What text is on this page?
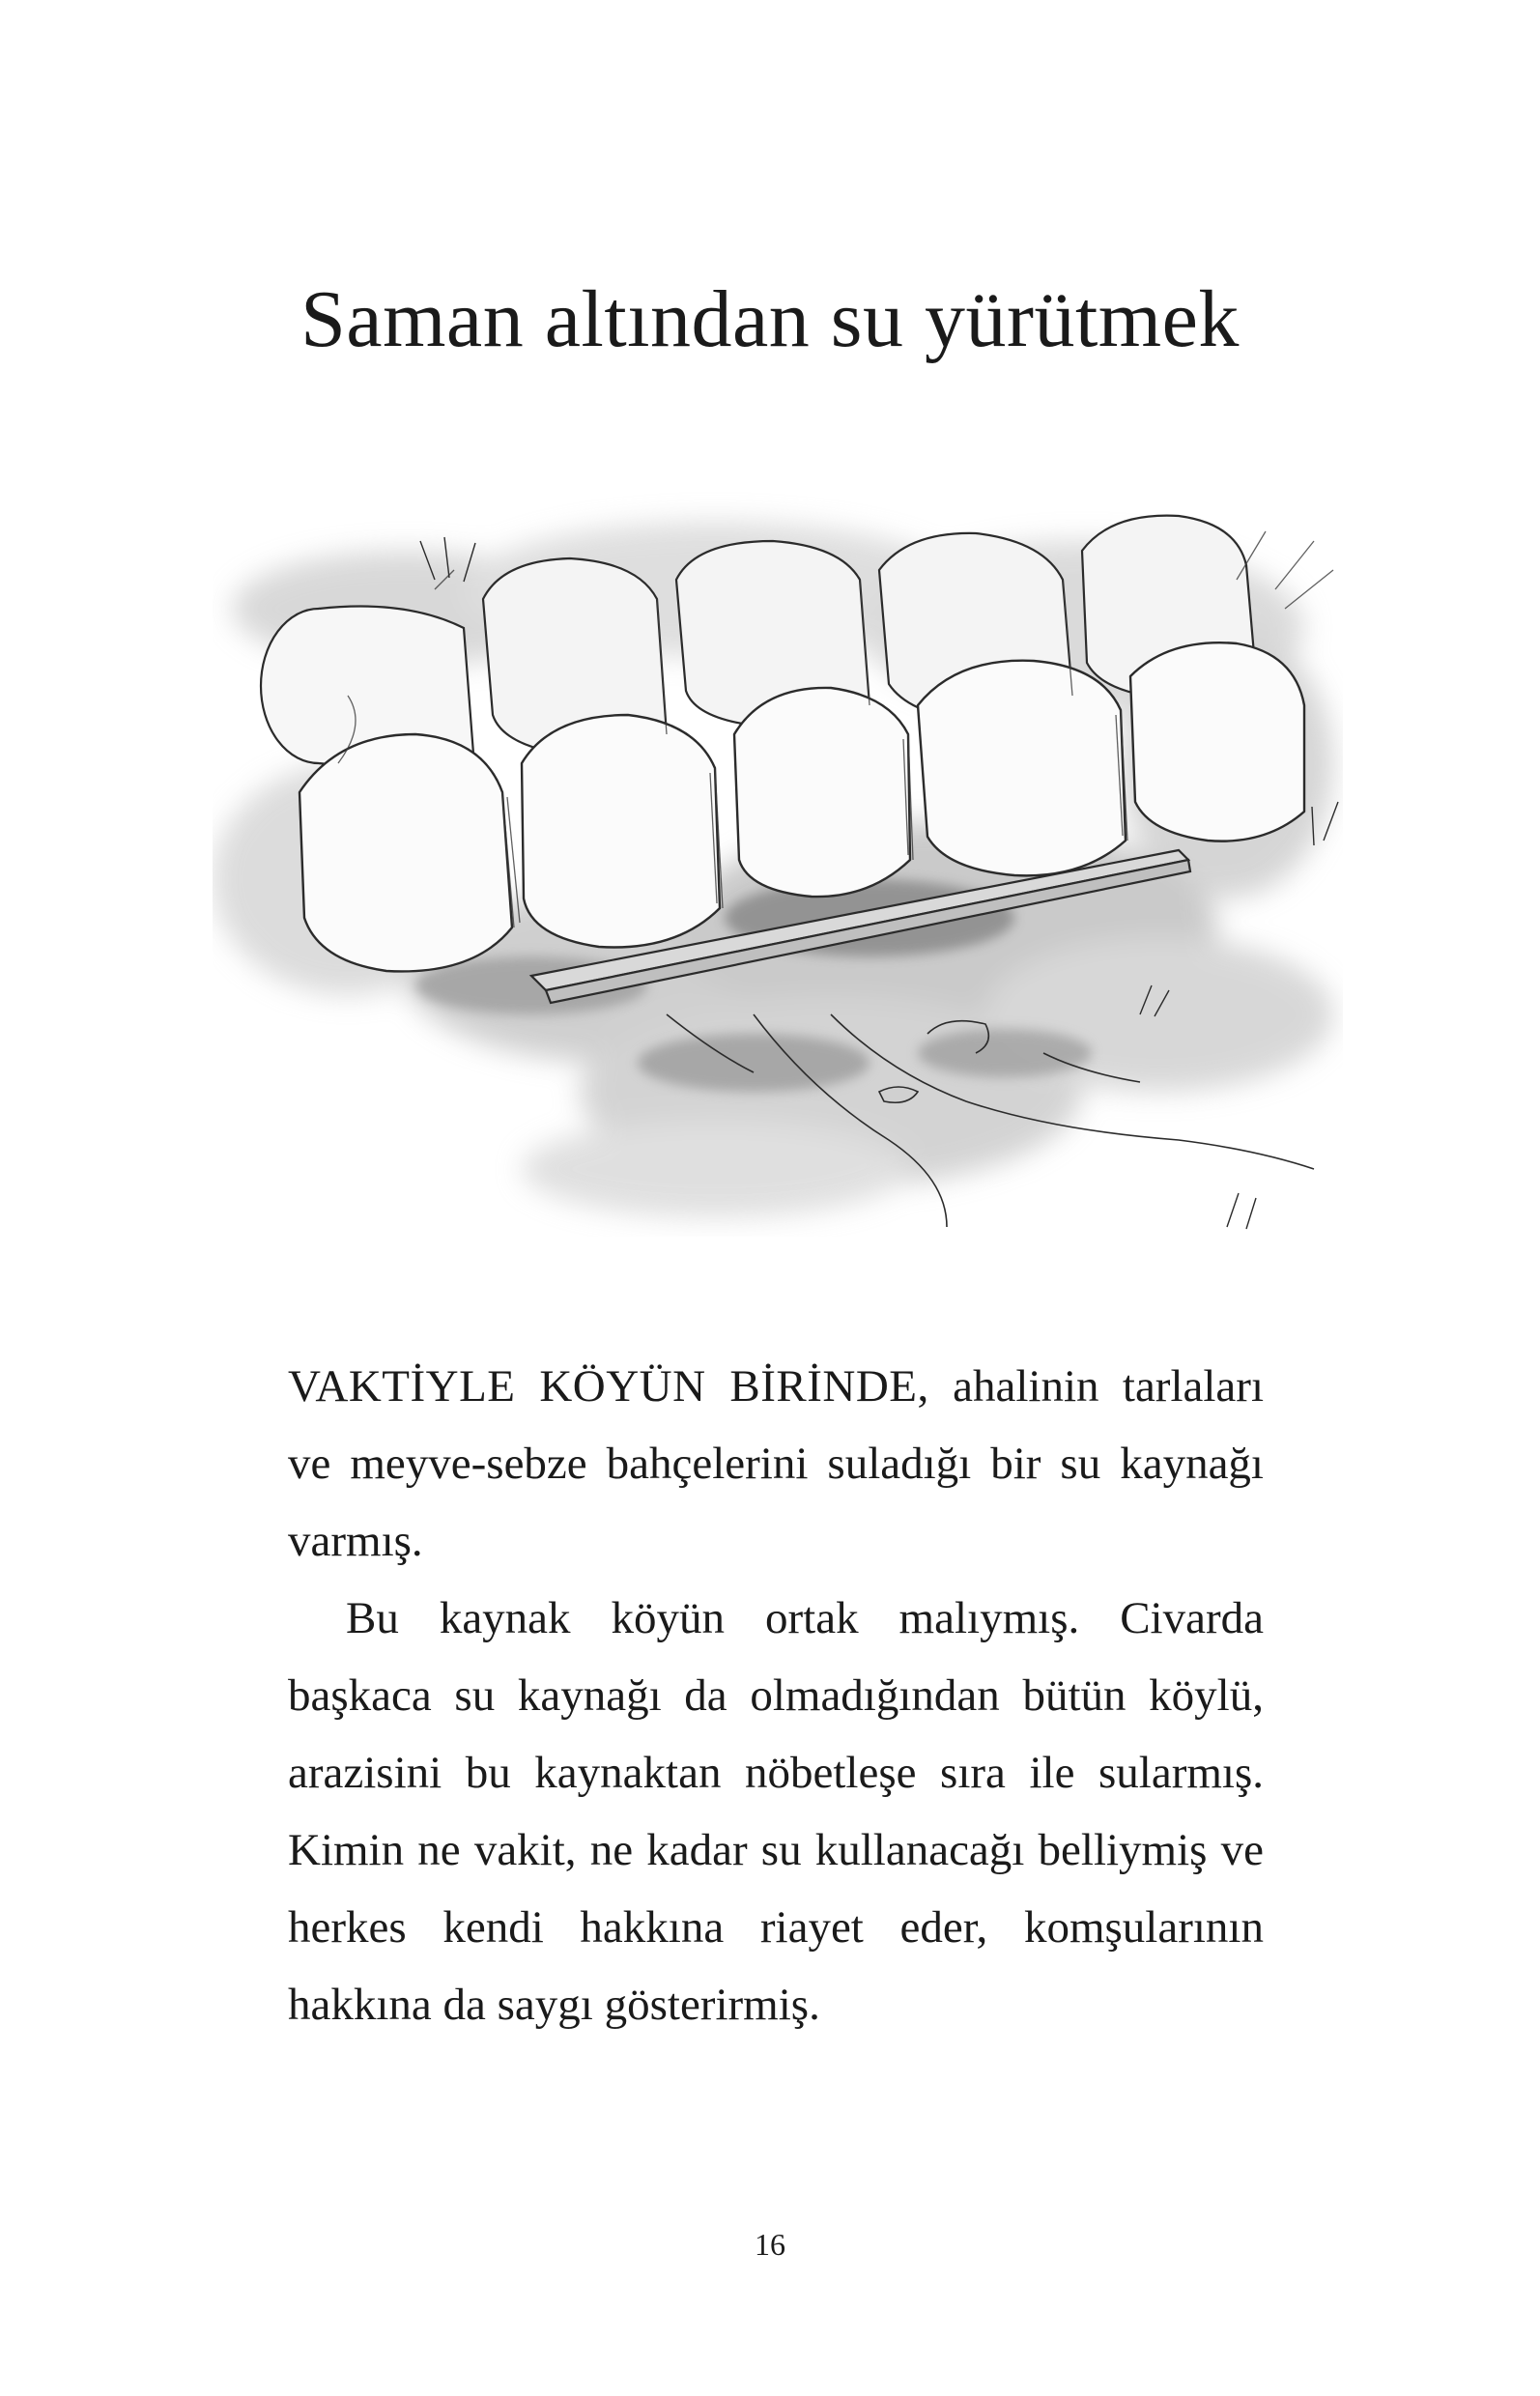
Saman altından su yürütmek

VAKTİYLE KÖYÜN BİRİNDE, ahalinin tarlaları ve meyve-sebze bahçelerini suladığı bir su kaynağı varmış.

Bu kaynak köyün ortak malıymış. Civarda başkaca su kaynağı da olmadığından bütün köylü, arazisini bu kaynaktan nöbetleşe sıra ile sularmış. Kimin ne vakit, ne kadar su kullanacağı belliymiş ve herkes kendi hakkına riayet eder, komşularının hakkına da saygı gösterirmiş.

16
